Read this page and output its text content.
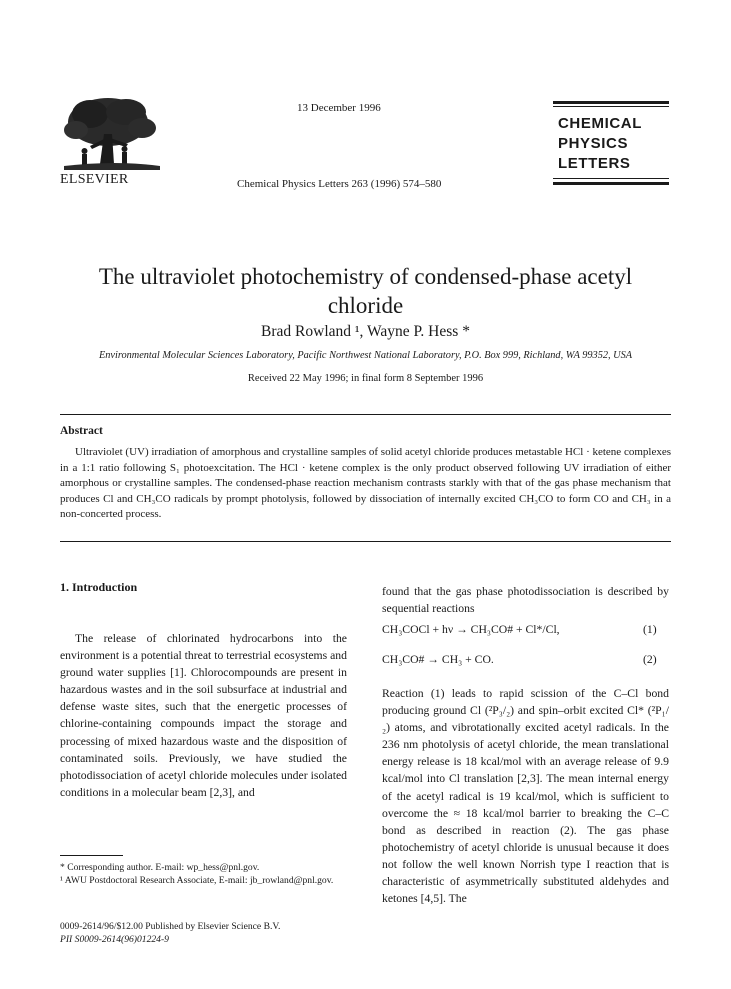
ELSEVIER
13 December 1996
Chemical Physics Letters 263 (1996) 574–580
CHEMICAL
PHYSICS
LETTERS
The ultraviolet photochemistry of condensed-phase acetyl chloride
Brad Rowland ¹, Wayne P. Hess *
Environmental Molecular Sciences Laboratory, Pacific Northwest National Laboratory, P.O. Box 999, Richland, WA 99352, USA
Received 22 May 1996; in final form 8 September 1996
Abstract

Ultraviolet (UV) irradiation of amorphous and crystalline samples of solid acetyl chloride produces metastable HCl · ketene complexes in a 1:1 ratio following S₁ photoexcitation. The HCl · ketene complex is the only product observed following UV irradiation of either amorphous or crystalline samples. The condensed-phase reaction mechanism contrasts starkly with that of the gas phase mechanism that produces Cl and CH₃CO radicals by prompt photolysis, followed by dissociation of internally excited CH₃CO to form CO and CH₃ in a non-concerted process.

1. Introduction

The release of chlorinated hydrocarbons into the environment is a potential threat to terrestrial ecosystems and ground water supplies [1]. Chlorocompounds are present in hazardous wastes and in the soil subsurface at industrial and defense waste sites, such that the energetic processes of chlorine-containing compounds impact the storage and processing of mixed hazardous waste and the disposition of contaminated soils. Previously, we have studied the photodissociation of acetyl chloride molecules under isolated conditions in a molecular beam [2,3], and

found that the gas phase photodissociation is described by sequential reactions

CH₃COCl + hν → CH₃CO# + Cl*/Cl,	(1)
CH₃CO# → CH₃ + CO.	(2)

Reaction (1) leads to rapid scission of the C–Cl bond producing ground Cl (²P₃/₂) and spin–orbit excited Cl* (²P₁/₂) atoms, and vibrotationally excited acetyl radicals. In the 236 nm photolysis of acetyl chloride, the mean translational energy release is 18 kcal/mol with an average release of 9.9 kcal/mol into Cl translation [2,3]. The mean internal energy of the acetyl radical is 19 kcal/mol, which is sufficient to overcome the ≈ 18 kcal/mol barrier to breaking the C–C bond as described in reaction (2). The gas phase photochemistry of acetyl chloride is unusual because it does not follow the well known Norrish type I reaction that is characteristic of asymmetrically substituted aldehydes and ketones [4,5]. The

* Corresponding author. E-mail: wp_hess@pnl.gov.

¹ AWU Postdoctoral Research Associate, E-mail: jb_rowland@pnl.gov.

0009-2614/96/$12.00 Published by Elsevier Science B.V.

PII S0009-2614(96)01224-9
